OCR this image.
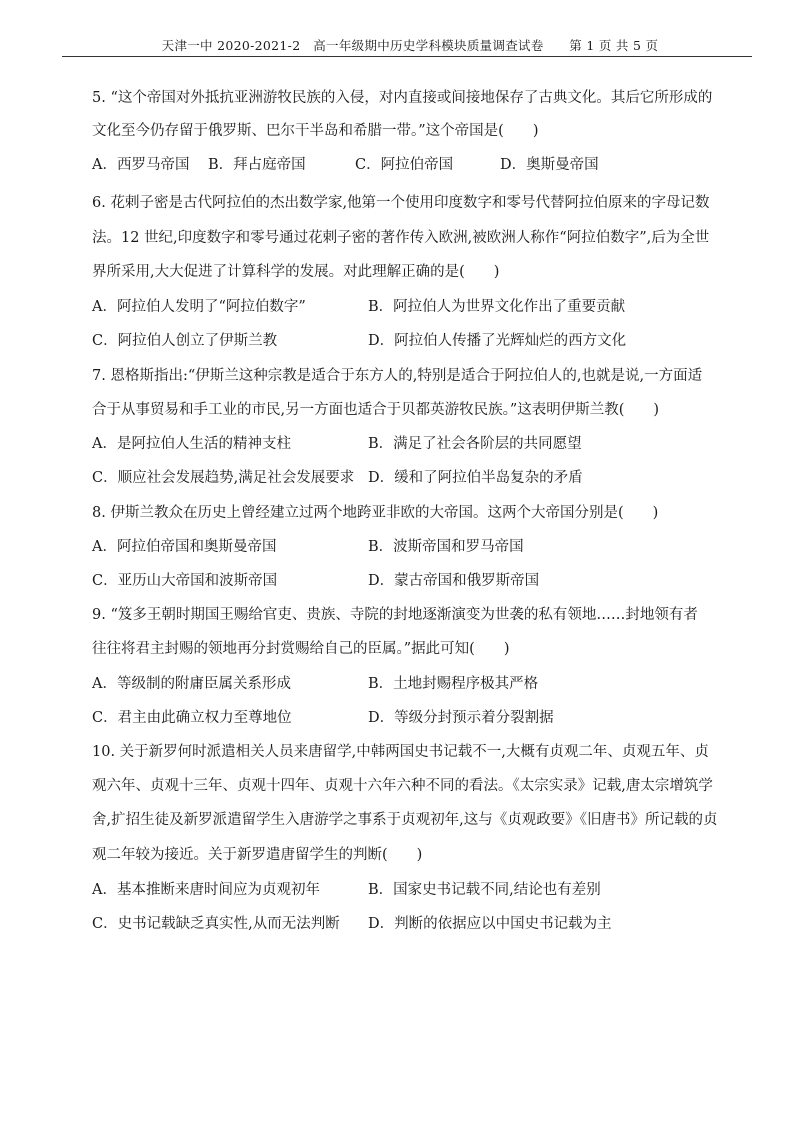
天津一中 2020-2021-2　高一年级期中历史学科模块质量调查试卷　　第 1 页 共 5 页
5. “这个帝国对外抵抗亚洲游牧民族的入侵，对内直接或间接地保存了古典文化。其后它所形成的
文化至今仍存留于俄罗斯、巴尔干半岛和希腊一带。”这个帝国是(　　)
A．西罗马帝国 B．拜占庭帝国	C．阿拉伯帝国	D．奥斯曼帝国
6. 花剌子密是古代阿拉伯的杰出数学家,他第一个使用印度数字和零号代替阿拉伯原来的字母记数
法。12 世纪,印度数字和零号通过花剌子密的著作传入欧洲,被欧洲人称作“阿拉伯数字”,后为全世
界所采用,大大促进了计算科学的发展。对此理解正确的是(　　)
A．阿拉伯人发明了“阿拉伯数字”	B．阿拉伯人为世界文化作出了重要贡献
C．阿拉伯人创立了伊斯兰教	D．阿拉伯人传播了光辉灿烂的西方文化
7. 恩格斯指出:“伊斯兰这种宗教是适合于东方人的,特别是适合于阿拉伯人的,也就是说,一方面适
合于从事贸易和手工业的市民,另一方面也适合于贝都英游牧民族。”这表明伊斯兰教(　　)
A．是阿拉伯人生活的精神支柱	B．满足了社会各阶层的共同愿望
C．顺应社会发展趋势,满足社会发展要求 D．缓和了阿拉伯半岛复杂的矛盾
8. 伊斯兰教众在历史上曾经建立过两个地跨亚非欧的大帝国。这两个大帝国分别是(　　)
A．阿拉伯帝国和奥斯曼帝国	B．波斯帝国和罗马帝国
C．亚历山大帝国和波斯帝国	D．蒙古帝国和俄罗斯帝国
9. “笈多王朝时期国王赐给官吏、贵族、寺院的封地逐渐演变为世袭的私有领地……封地领有者
往往将君主封赐的领地再分封赏赐给自己的臣属。”据此可知(　　)
A．等级制的附庸臣属关系形成	B．土地封赐程序极其严格
C．君主由此确立权力至尊地位	D．等级分封预示着分裂割据
10. 关于新罗何时派遣相关人员来唐留学,中韩两国史书记载不一,大概有贞观二年、贞观五年、贞
观六年、贞观十三年、贞观十四年、贞观十六年六种不同的看法。《太宗实录》记载,唐太宗增筑学
舍,扩招生徒及新罗派遣留学生入唐游学之事系于贞观初年,这与《贞观政要》《旧唐书》所记载的贞
观二年较为接近。关于新罗遣唐留学生的判断(　　)
A．基本推断来唐时间应为贞观初年	B．国家史书记载不同,结论也有差别
C．史书记载缺乏真实性,从而无法判断 D．判断的依据应以中国史书记载为主
